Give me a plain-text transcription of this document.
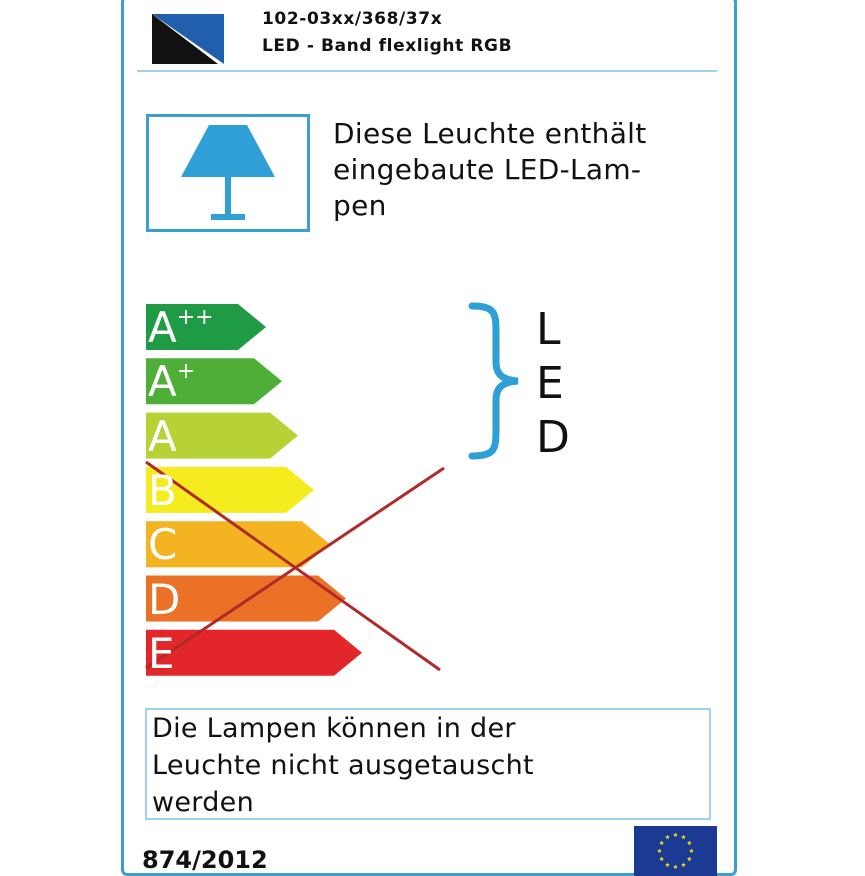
102-03xx/368/37x
LED - Band flexlight RGB
Diese Leuchte enthält
eingebaute LED-Lam-
pen
A++
A+
A
B
C
D
E
L
E
D
Die Lampen können in der
Leuchte nicht ausgetauscht
werden
874/2012
